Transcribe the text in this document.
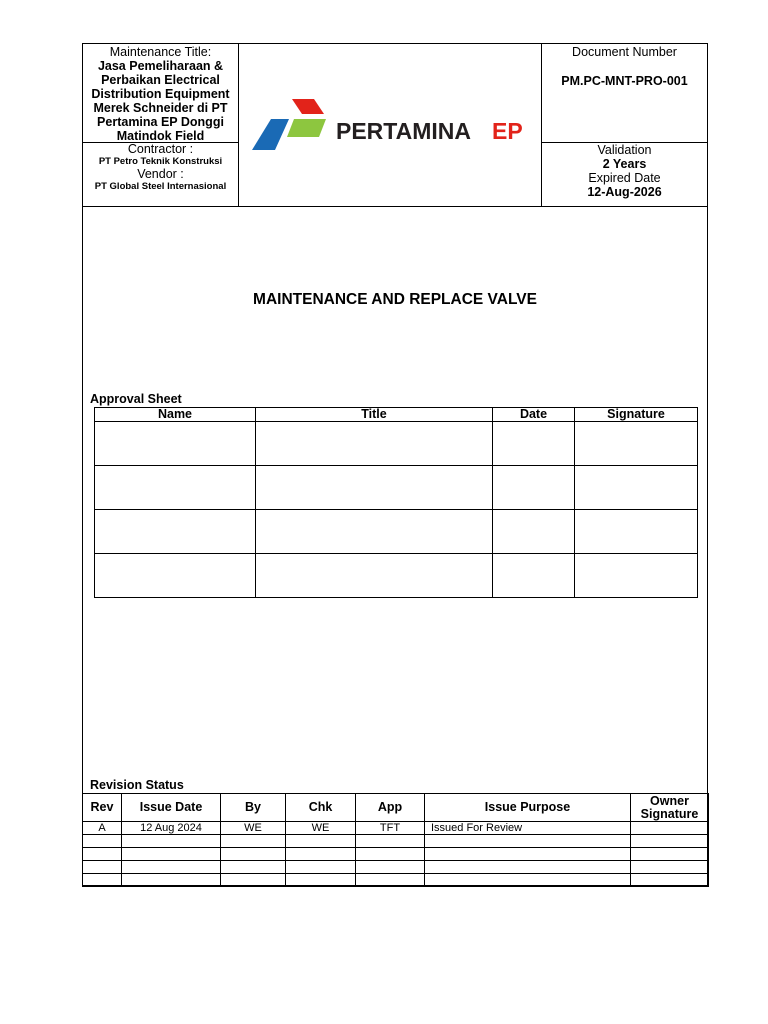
Maintenance Title:
Jasa Pemeliharaan & Perbaikan Electrical Distribution Equipment Merek Schneider di PT Pertamina EP Donggi Matindok Field
Contractor :
PT Petro Teknik Konstruksi
Vendor :
PT Global Steel Internasional
PERTAMINA EP
Document Number
PM.PC-MNT-PRO-001
Validation
2 Years
Expired Date
12-Aug-2026
MAINTENANCE AND REPLACE VALVE
Approval Sheet
Name	Title	Date	Signature

Revision Status
Rev	Issue Date	By	Chk	App	Issue Purpose	Owner Signature
A	12 Aug 2024	WE	WE	TFT	Issued For Review	
